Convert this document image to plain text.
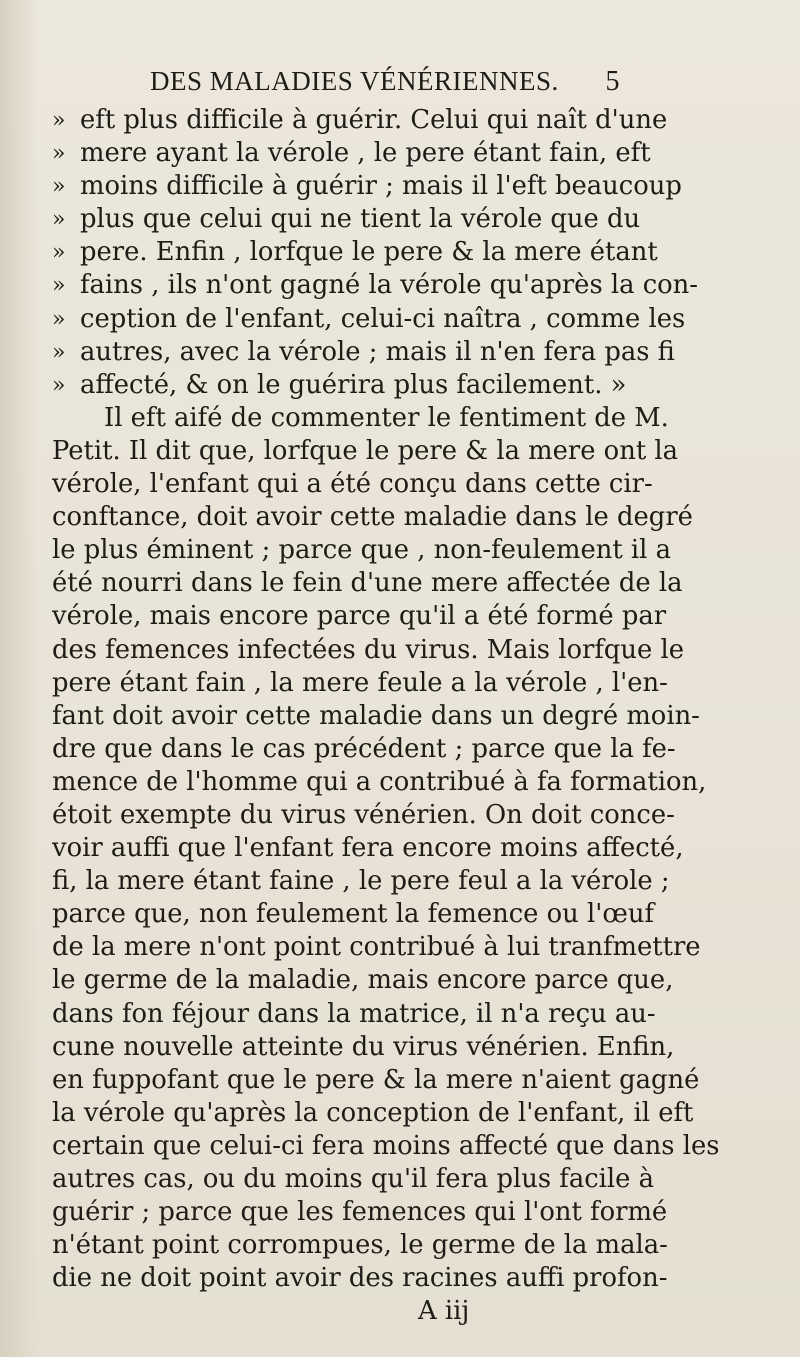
DES MALADIES VÉNÉRIENNES. 5
» eft plus difficile à guérir. Celui qui naît d'une
» mere ayant la vérole , le pere étant fain, eft
» moins difficile à guérir ; mais il l'eft beaucoup
» plus que celui qui ne tient la vérole que du
» pere. Enfin , lorfque le pere & la mere étant
» fains , ils n'ont gagné la vérole qu'après la con-
» ception de l'enfant, celui-ci naîtra , comme les
» autres, avec la vérole ; mais il n'en fera pas fi
» affecté, & on le guérira plus facilement. »
Il eft aifé de commenter le fentiment de M.
Petit. Il dit que, lorfque le pere & la mere ont la
vérole, l'enfant qui a été conçu dans cette cir-
conftance, doit avoir cette maladie dans le degré
le plus éminent ; parce que , non-feulement il a
été nourri dans le fein d'une mere affectée de la
vérole, mais encore parce qu'il a été formé par
des femences infectées du virus. Mais lorfque le
pere étant fain , la mere feule a la vérole , l'en-
fant doit avoir cette maladie dans un degré moin-
dre que dans le cas précédent ; parce que la fe-
mence de l'homme qui a contribué à fa formation,
étoit exempte du virus vénérien. On doit conce-
voir auffi que l'enfant fera encore moins affecté,
fi, la mere étant faine , le pere feul a la vérole ;
parce que, non feulement la femence ou l'œuf
de la mere n'ont point contribué à lui tranfmettre
le germe de la maladie, mais encore parce que,
dans fon féjour dans la matrice, il n'a reçu au-
cune nouvelle atteinte du virus vénérien. Enfin,
en fuppofant que le pere & la mere n'aient gagné
la vérole qu'après la conception de l'enfant, il eft
certain que celui-ci fera moins affecté que dans les
autres cas, ou du moins qu'il fera plus facile à
guérir ; parce que les femences qui l'ont formé
n'étant point corrompues, le germe de la mala-
die ne doit point avoir des racines auffi profon-
A iij
